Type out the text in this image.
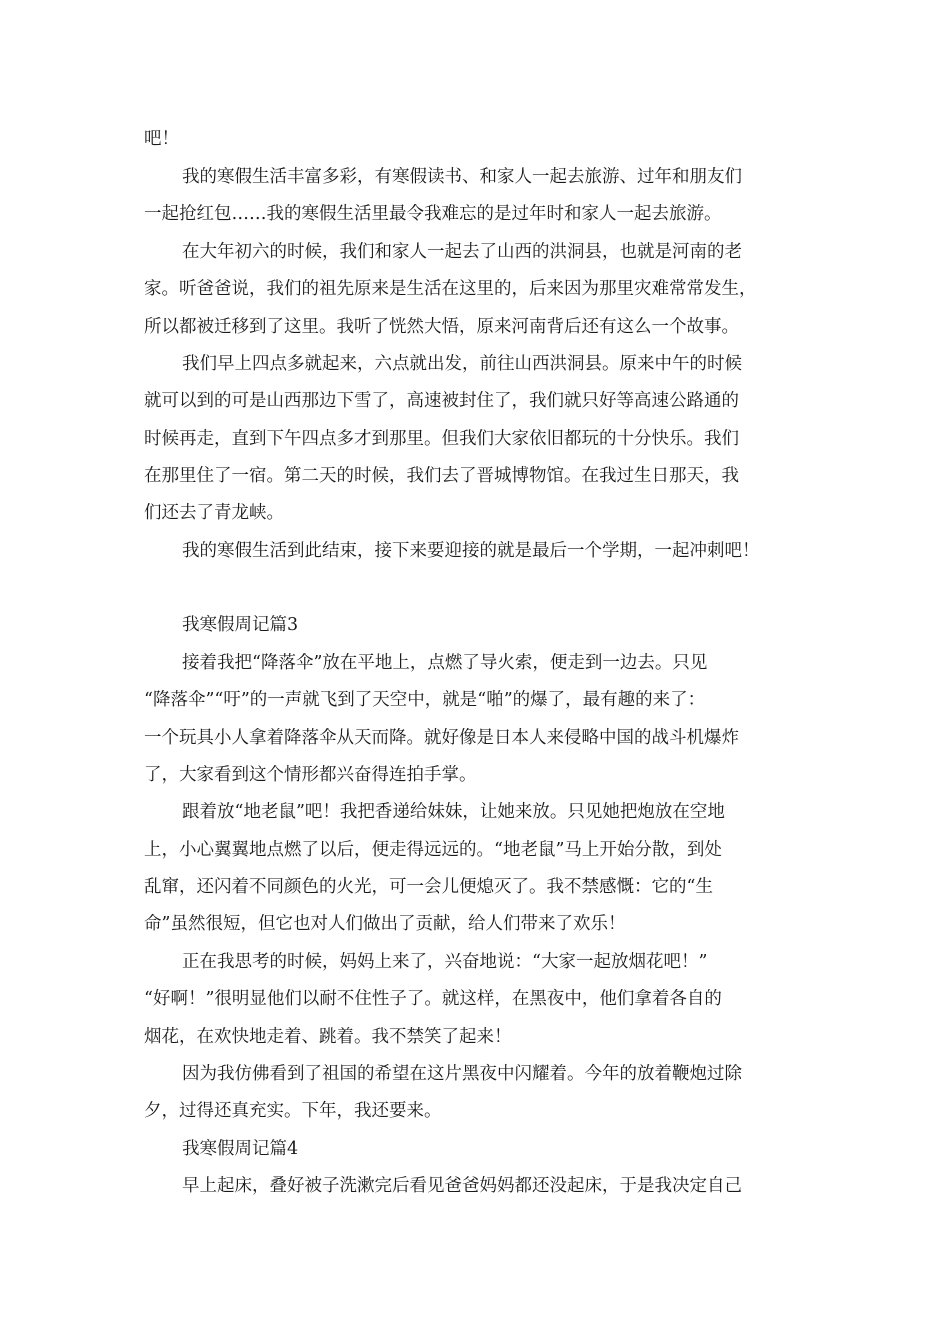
吧！
我的寒假生活丰富多彩，有寒假读书、和家人一起去旅游、过年和朋友们
一起抢红包……我的寒假生活里最令我难忘的是过年时和家人一起去旅游。
在大年初六的时候，我们和家人一起去了山西的洪洞县，也就是河南的老
家。听爸爸说，我们的祖先原来是生活在这里的，后来因为那里灾难常常发生，
所以都被迁移到了这里。我听了恍然大悟，原来河南背后还有这么一个故事。
我们早上四点多就起来，六点就出发，前往山西洪洞县。原来中午的时候
就可以到的可是山西那边下雪了，高速被封住了，我们就只好等高速公路通的
时候再走，直到下午四点多才到那里。但我们大家依旧都玩的十分快乐。我们
在那里住了一宿。第二天的时候，我们去了晋城博物馆。在我过生日那天，我
们还去了青龙峡。
我的寒假生活到此结束，接下来要迎接的就是最后一个学期，一起冲刺吧！
我寒假周记篇3
接着我把“降落伞”放在平地上，点燃了导火索，便走到一边去。只见
“降落伞”“吁”的一声就飞到了天空中，就是“啪”的爆了，最有趣的来了：
一个玩具小人拿着降落伞从天而降。就好像是日本人来侵略中国的战斗机爆炸
了，大家看到这个情形都兴奋得连拍手掌。
跟着放“地老鼠”吧！我把香递给妹妹，让她来放。只见她把炮放在空地
上，小心翼翼地点燃了以后，便走得远远的。“地老鼠”马上开始分散，到处
乱窜，还闪着不同颜色的火光，可一会儿便熄灭了。我不禁感慨：它的“生
命”虽然很短，但它也对人们做出了贡献，给人们带来了欢乐！
正在我思考的时候，妈妈上来了，兴奋地说：“大家一起放烟花吧！”
“好啊！”很明显他们以耐不住性子了。就这样，在黑夜中，他们拿着各自的
烟花，在欢快地走着、跳着。我不禁笑了起来！
因为我仿佛看到了祖国的希望在这片黑夜中闪耀着。今年的放着鞭炮过除
夕，过得还真充实。下年，我还要来。
我寒假周记篇4
早上起床，叠好被子洗漱完后看见爸爸妈妈都还没起床，于是我决定自己
